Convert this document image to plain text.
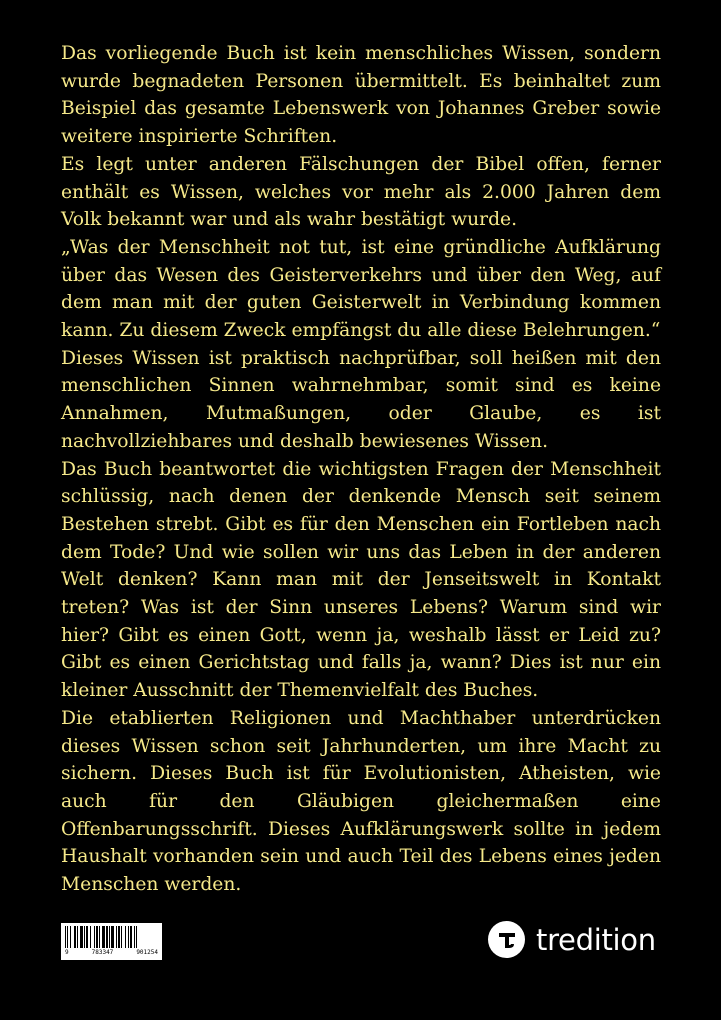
Das vorliegende Buch ist kein menschliches Wissen, sondern wurde begnadeten Personen übermittelt. Es beinhaltet zum Beispiel das gesamte Lebenswerk von Johannes Greber sowie weitere inspirierte Schriften.

Es legt unter anderen Fälschungen der Bibel offen, ferner enthält es Wissen, welches vor mehr als 2.000 Jahren dem Volk bekannt war und als wahr bestätigt wurde.

„Was der Menschheit not tut, ist eine gründliche Aufklärung über das Wesen des Geisterverkehrs und über den Weg, auf dem man mit der guten Geisterwelt in Verbindung kommen kann. Zu diesem Zweck empfängst du alle diese Belehrungen.“

Dieses Wissen ist praktisch nachprüfbar, soll heißen mit den menschlichen Sinnen wahrnehmbar, somit sind es keine Annahmen, Mutmaßungen, oder Glaube, es ist nachvollziehbares und deshalb bewiesenes Wissen.

Das Buch beantwortet die wichtigsten Fragen der Menschheit schlüssig, nach denen der denkende Mensch seit seinem Bestehen strebt. Gibt es für den Menschen ein Fortleben nach dem Tode? Und wie sollen wir uns das Leben in der anderen Welt denken? Kann man mit der Jenseitswelt in Kontakt treten? Was ist der Sinn unseres Lebens? Warum sind wir hier? Gibt es einen Gott, wenn ja, weshalb lässt er Leid zu? Gibt es einen Gerichtstag und falls ja, wann? Dies ist nur ein kleiner Ausschnitt der Themenvielfalt des Buches.

Die etablierten Religionen und Machthaber unterdrücken dieses Wissen schon seit Jahrhunderten, um ihre Macht zu sichern. Dieses Buch ist für Evolutionisten, Atheisten, wie auch für den Gläubigen gleichermaßen eine Offenbarungsschrift. Dieses Aufklärungswerk sollte in jedem Haushalt vorhanden sein und auch Teil des Lebens eines jeden Menschen werden.

9	783347	901254	tredition
